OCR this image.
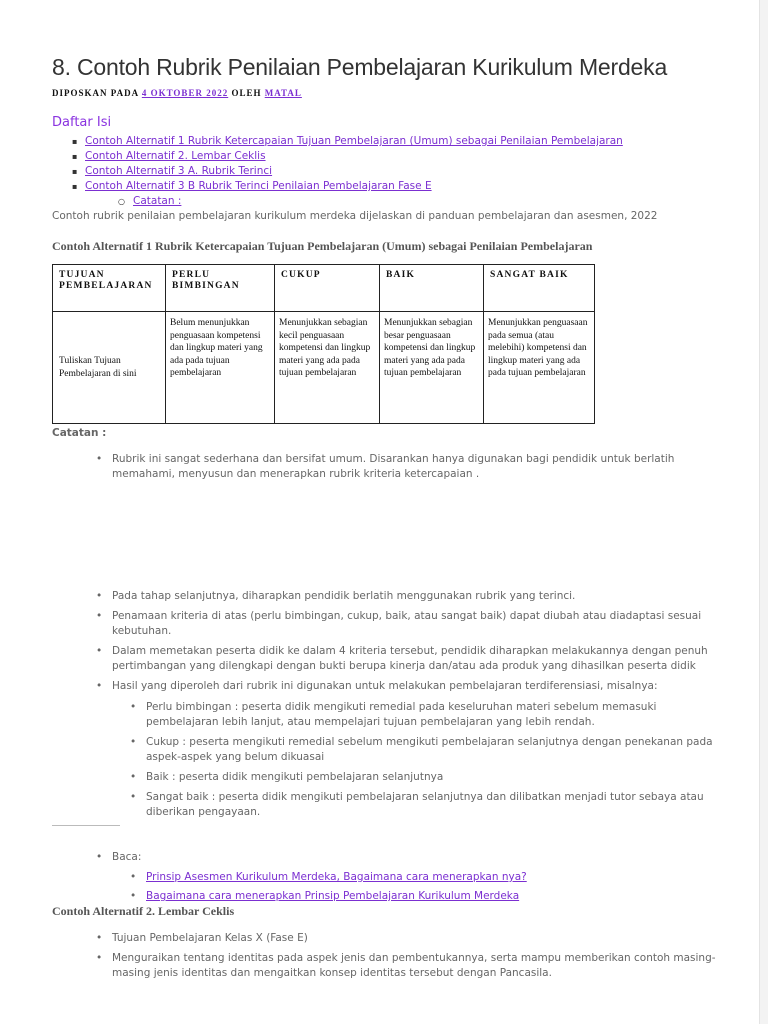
8. Contoh Rubrik Penilaian Pembelajaran Kurikulum Merdeka
DIPOSKAN PADA 4 OKTOBER 2022 OLEH MATAL
Daftar Isi
▪ Contoh Alternatif 1 Rubrik Ketercapaian Tujuan Pembelajaran (Umum) sebagai Penilaian Pembelajaran
▪ Contoh Alternatif 2. Lembar Ceklis
▪ Contoh Alternatif 3 A. Rubrik Terinci
▪ Contoh Alternatif 3 B Rubrik Terinci Penilaian Pembelajaran Fase E
○ Catatan :
Contoh rubrik penilaian pembelajaran kurikulum merdeka dijelaskan di panduan pembelajaran dan asesmen, 2022
Contoh Alternatif 1 Rubrik Ketercapaian Tujuan Pembelajaran (Umum) sebagai Penilaian Pembelajaran
TUJUAN PEMBELAJARAN	PERLU BIMBINGAN	CUKUP	BAIK	SANGAT BAIK
Tuliskan Tujuan Pembelajaran di sini	Belum menunjukkan penguasaan kompetensi dan lingkup materi yang ada pada tujuan pembelajaran	Menunjukkan sebagian kecil penguasaan kompetensi dan lingkup materi yang ada pada tujuan pembelajaran	Menunjukkan sebagian besar penguasaan kompetensi dan lingkup materi yang ada pada tujuan pembelajaran	Menunjukkan penguasaan pada semua (atau melebihi) kompetensi dan lingkup materi yang ada pada tujuan pembelajaran
Catatan :
• Rubrik ini sangat sederhana dan bersifat umum. Disarankan hanya digunakan bagi pendidik untuk berlatih memahami, menyusun dan menerapkan rubrik kriteria ketercapaian .
• Pada tahap selanjutnya, diharapkan pendidik berlatih menggunakan rubrik yang terinci.
• Penamaan kriteria di atas (perlu bimbingan, cukup, baik, atau sangat baik) dapat diubah atau diadaptasi sesuai kebutuhan.
• Dalam memetakan peserta didik ke dalam 4 kriteria tersebut, pendidik diharapkan melakukannya dengan penuh pertimbangan yang dilengkapi dengan bukti berupa kinerja dan/atau ada produk yang dihasilkan peserta didik
• Hasil yang diperoleh dari rubrik ini digunakan untuk melakukan pembelajaran terdiferensiasi, misalnya:
• Perlu bimbingan : peserta didik mengikuti remedial pada keseluruhan materi sebelum memasuki pembelajaran lebih lanjut, atau mempelajari tujuan pembelajaran yang lebih rendah.
• Cukup : peserta mengikuti remedial sebelum mengikuti pembelajaran selanjutnya dengan penekanan pada aspek-aspek yang belum dikuasai
• Baik : peserta didik mengikuti pembelajaran selanjutnya
• Sangat baik : peserta didik mengikuti pembelajaran selanjutnya dan dilibatkan menjadi tutor sebaya atau diberikan pengayaan.
• Baca:
• Prinsip Asesmen Kurikulum Merdeka, Bagaimana cara menerapkan nya?
• Bagaimana cara menerapkan Prinsip Pembelajaran Kurikulum Merdeka
Contoh Alternatif 2. Lembar Ceklis
• Tujuan Pembelajaran Kelas X (Fase E)
• Menguraikan tentang identitas pada aspek jenis dan pembentukannya, serta mampu memberikan contoh masing-masing jenis identitas dan mengaitkan konsep identitas tersebut dengan Pancasila.
